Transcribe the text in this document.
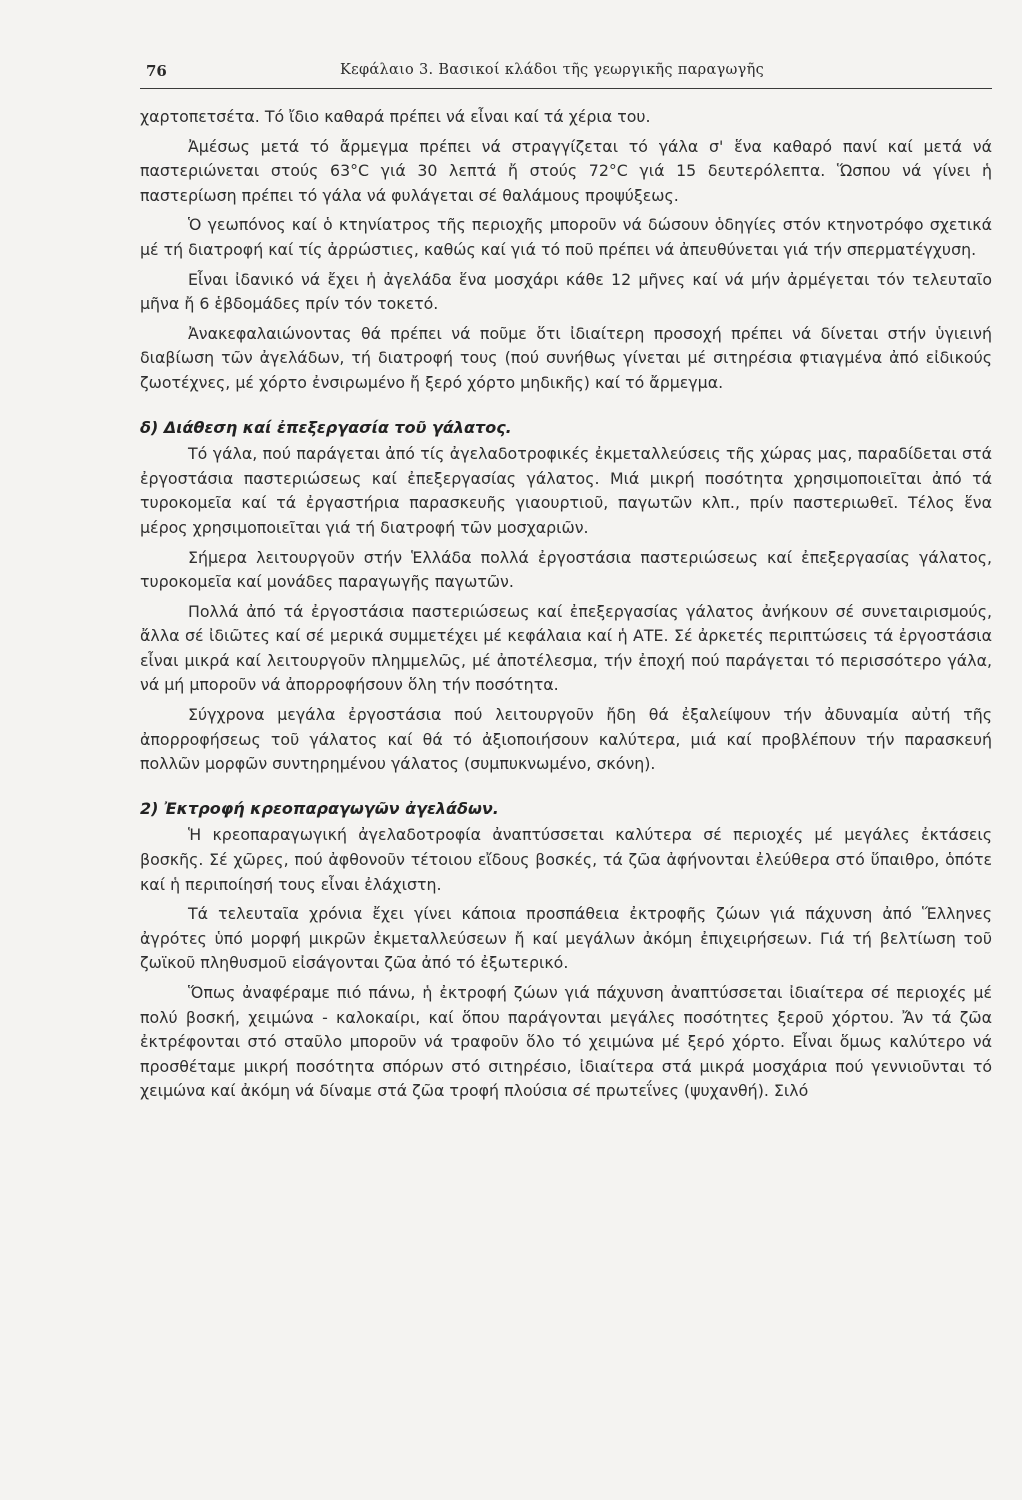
76	Κεφάλαιο 3. Βασικοί κλάδοι τῆς γεωργικῆς παραγωγῆς

χαρτοπετσέτα. Τό ἴδιο καθαρά πρέπει νά εἶναι καί τά χέρια του.

Ἀμέσως μετά τό ἄρμεγμα πρέπει νά στραγγίζεται τό γάλα σ' ἕνα καθαρό πανί καί μετά νά παστεριώνεται στούς 63°C γιά 30 λεπτά ἤ στούς 72°C γιά 15 δευτερόλεπτα. Ὥσπου νά γίνει ἡ παστερίωση πρέπει τό γάλα νά φυλάγεται σέ θαλάμους προψύξεως.

Ὁ γεωπόνος καί ὁ κτηνίατρος τῆς περιοχῆς μποροῦν νά δώσουν ὁδηγίες στόν κτηνοτρόφο σχετικά μέ τή διατροφή καί τίς ἀρρώστιες, καθώς καί γιά τό ποῦ πρέπει νά ἀπευθύνεται γιά τήν σπερματέγχυση.

Εἶναι ἰδανικό νά ἔχει ἡ ἀγελάδα ἕνα μοσχάρι κάθε 12 μῆνες καί νά μήν ἀρμέγεται τόν τελευταῖο μῆνα ἤ 6 ἑβδομάδες πρίν τόν τοκετό.

Ἀνακεφαλαιώνοντας θά πρέπει νά ποῦμε ὅτι ἰδιαίτερη προσοχή πρέπει νά δίνεται στήν ὑγιεινή διαβίωση τῶν ἀγελάδων, τή διατροφή τους (πού συνήθως γίνεται μέ σιτηρέσια φτιαγμένα ἀπό εἰδικούς ζωοτέχνες, μέ χόρτο ἐνσιρωμένο ἤ ξερό χόρτο μηδικῆς) καί τό ἄρμεγμα.

δ) Διάθεση καί ἐπεξεργασία τοῦ γάλατος.

Τό γάλα, πού παράγεται ἀπό τίς ἀγελαδοτροφικές ἐκμεταλλεύσεις τῆς χώρας μας, παραδίδεται στά ἐργοστάσια παστεριώσεως καί ἐπεξεργασίας γάλατος. Μιά μικρή ποσότητα χρησιμοποιεῖται ἀπό τά τυροκομεῖα καί τά ἐργαστήρια παρασκευῆς γιαουρτιοῦ, παγωτῶν κλπ., πρίν παστεριωθεῖ. Τέλος ἕνα μέρος χρησιμοποιεῖται γιά τή διατροφή τῶν μοσχαριῶν.

Σήμερα λειτουργοῦν στήν Ἑλλάδα πολλά ἐργοστάσια παστεριώσεως καί ἐπεξεργασίας γάλατος, τυροκομεῖα καί μονάδες παραγωγῆς παγωτῶν.

Πολλά ἀπό τά ἐργοστάσια παστεριώσεως καί ἐπεξεργασίας γάλατος ἀνήκουν σέ συνεταιρισμούς, ἄλλα σέ ἰδιῶτες καί σέ μερικά συμμετέχει μέ κεφάλαια καί ἡ ΑΤΕ. Σέ ἀρκετές περιπτώσεις τά ἐργοστάσια εἶναι μικρά καί λειτουργοῦν πλημμελῶς, μέ ἀποτέλεσμα, τήν ἐποχή πού παράγεται τό περισσότερο γάλα, νά μή μποροῦν νά ἀπορροφήσουν ὅλη τήν ποσότητα.

Σύγχρονα μεγάλα ἐργοστάσια πού λειτουργοῦν ἤδη θά ἐξαλείψουν τήν ἀδυναμία αὐτή τῆς ἀπορροφήσεως τοῦ γάλατος καί θά τό ἀξιοποιήσουν καλύτερα, μιά καί προβλέπουν τήν παρασκευή πολλῶν μορφῶν συντηρημένου γάλατος (συμπυκνωμένο, σκόνη).

2) Ἐκτροφή κρεοπαραγωγῶν ἀγελάδων.

Ἡ κρεοπαραγωγική ἀγελαδοτροφία ἀναπτύσσεται καλύτερα σέ περιοχές μέ μεγάλες ἐκτάσεις βοσκῆς. Σέ χῶρες, πού ἀφθονοῦν τέτοιου εἴδους βοσκές, τά ζῶα ἀφήνονται ἐλεύθερα στό ὕπαιθρο, ὁπότε καί ἡ περιποίησή τους εἶναι ἐλάχιστη.

Τά τελευταῖα χρόνια ἔχει γίνει κάποια προσπάθεια ἐκτροφῆς ζώων γιά πάχυνση ἀπό Ἕλληνες ἀγρότες ὑπό μορφή μικρῶν ἐκμεταλλεύσεων ἤ καί μεγάλων ἀκόμη ἐπιχειρήσεων. Γιά τή βελτίωση τοῦ ζωϊκοῦ πληθυσμοῦ εἰσάγονται ζῶα ἀπό τό ἐξωτερικό.

Ὅπως ἀναφέραμε πιό πάνω, ἡ ἐκτροφή ζώων γιά πάχυνση ἀναπτύσσεται ἰδιαίτερα σέ περιοχές μέ πολύ βοσκή, χειμώνα - καλοκαίρι, καί ὅπου παράγονται μεγάλες ποσότητες ξεροῦ χόρτου. Ἄν τά ζῶα ἐκτρέφονται στό σταῦλο μποροῦν νά τραφοῦν ὅλο τό χειμώνα μέ ξερό χόρτο. Εἶναι ὅμως καλύτερο νά προσθέταμε μικρή ποσότητα σπόρων στό σιτηρέσιο, ἰδιαίτερα στά μικρά μοσχάρια πού γεννιοῦνται τό χειμώνα καί ἀκόμη νά δίναμε στά ζῶα τροφή πλούσια σέ πρωτεΐνες (ψυχανθή). Σιλό
